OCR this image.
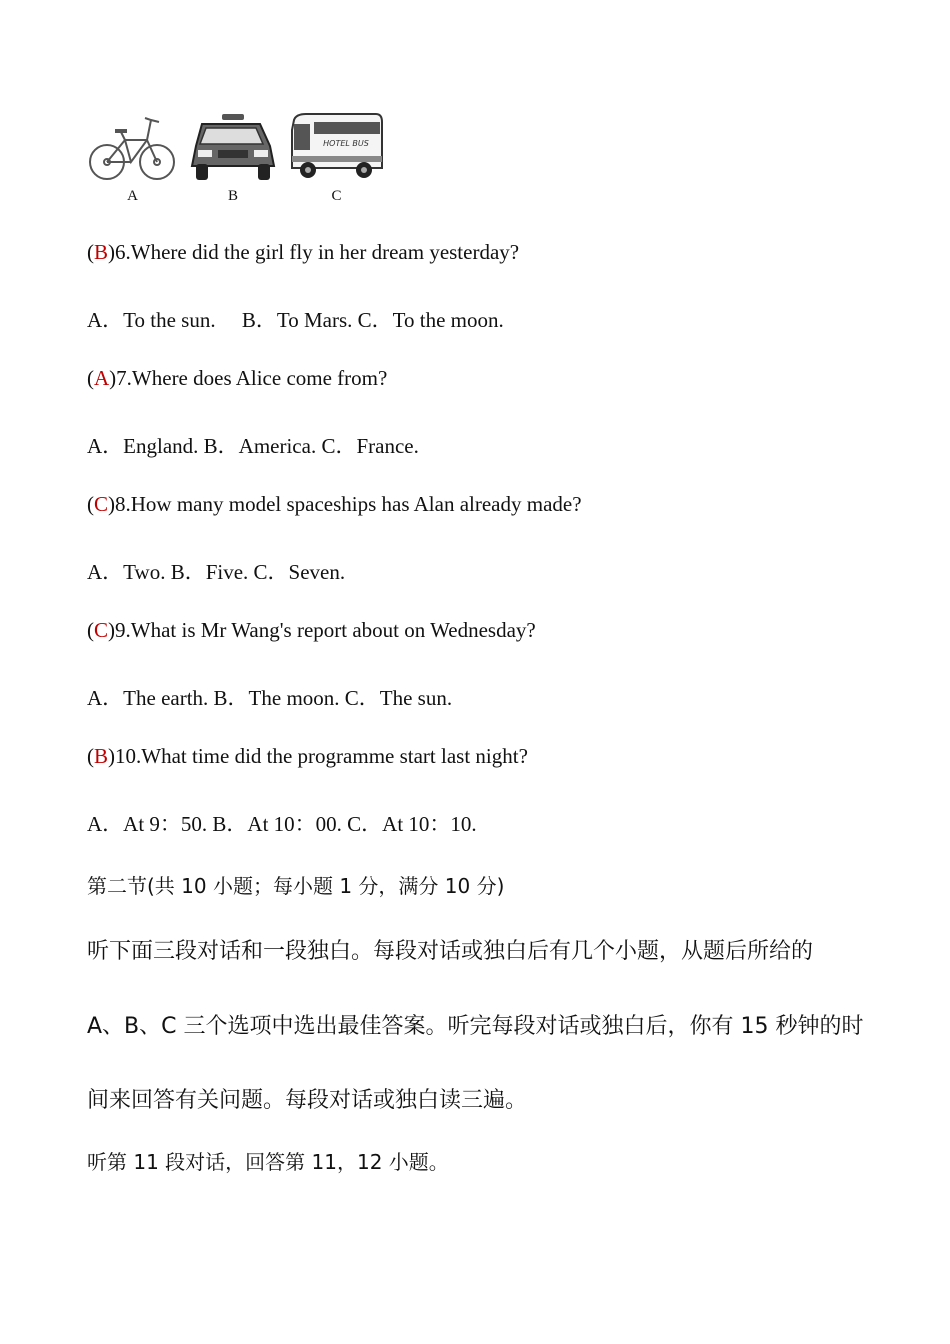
A	B
HOTEL BUS
C
(B)6.Where did the girl fly in her dream yesterday?
A．To the sun.　 B．To Mars. C．To the moon.
(A)7.Where does Alice come from?
A．England. B．America. C．France.
(C)8.How many model spaceships has Alan already made?
A．Two. B．Five. C．Seven.
(C)9.What is Mr Wang's report about on Wednesday?
A．The earth. B．The moon. C．The sun.
(B)10.What time did the programme start last night?
A．At 9：50. B．At 10：00. C．At 10：10.
第二节(共 10 小题；每小题 1 分，满分 10 分)
听下面三段对话和一段独白。每段对话或独白后有几个小题，从题后所给的
A、B、C 三个选项中选出最佳答案。听完每段对话或独白后，你有 15 秒钟的时
间来回答有关问题。每段对话或独白读三遍。
听第 11 段对话，回答第 11，12 小题。
